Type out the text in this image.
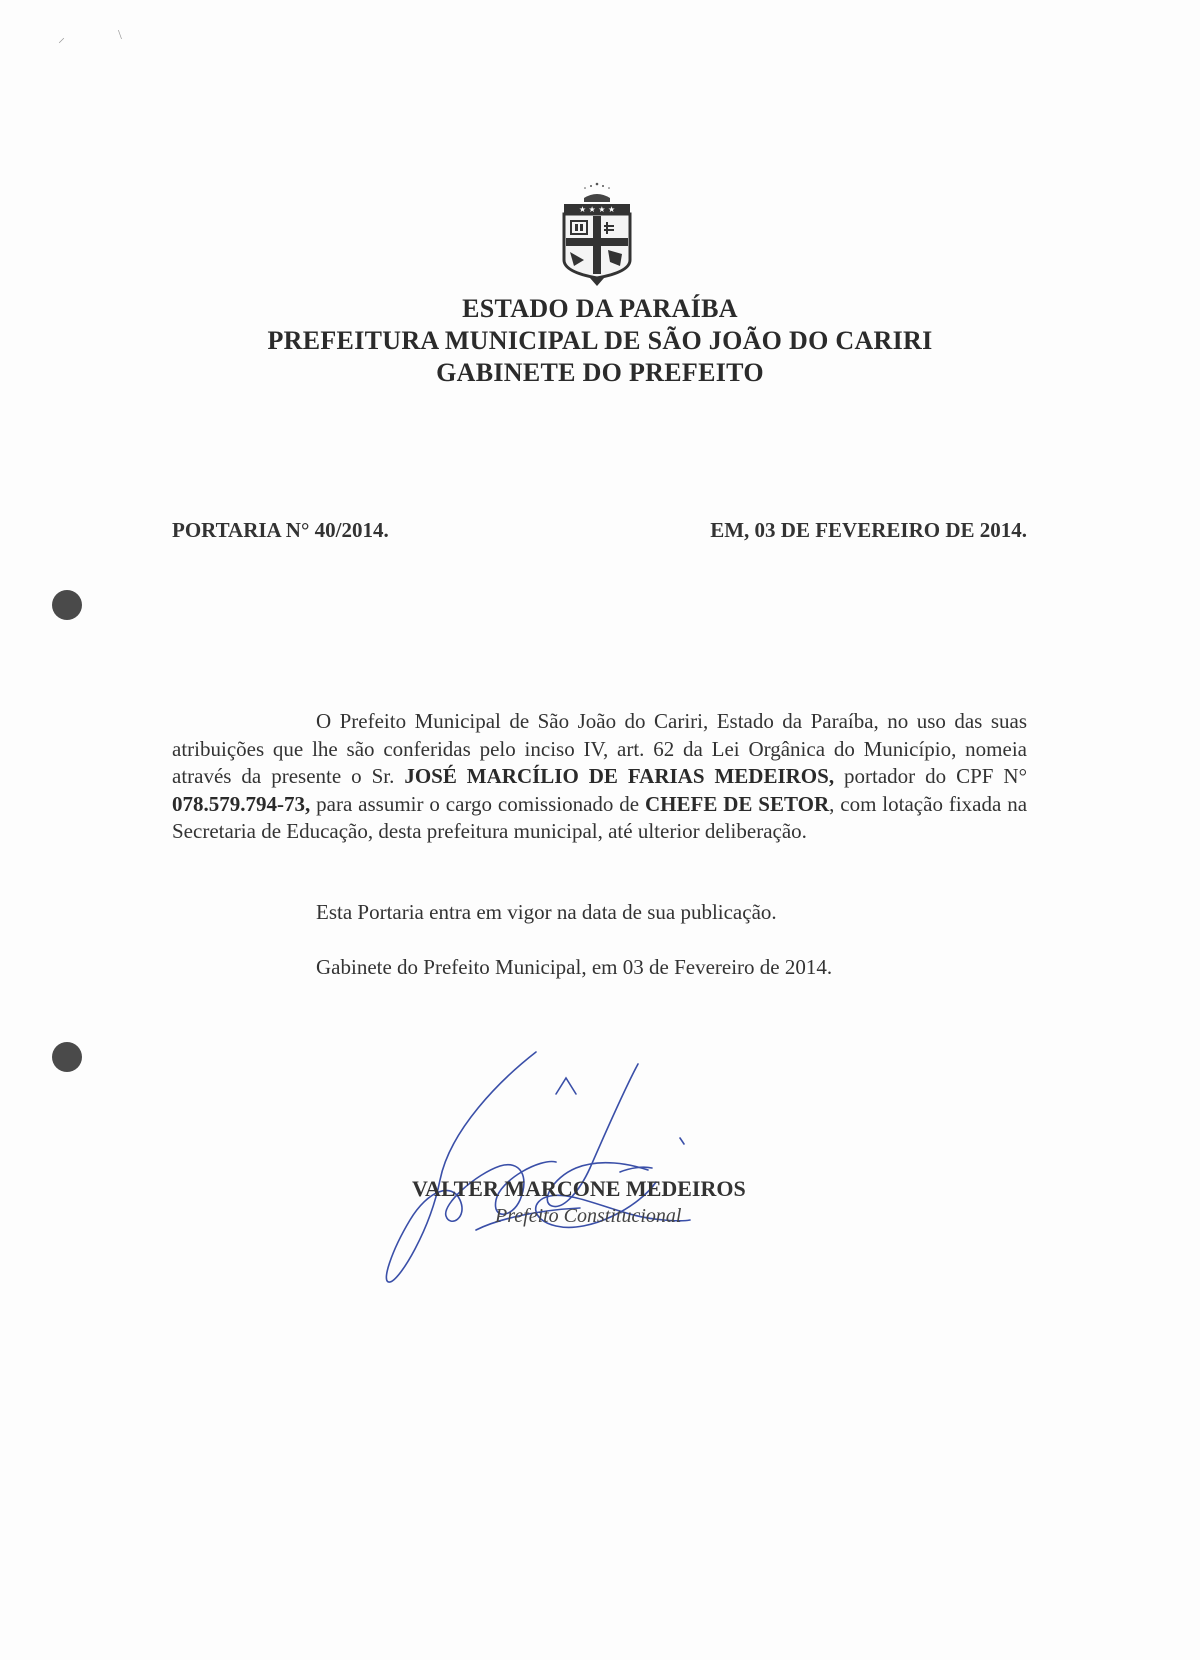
⸝	\
★ ★ ★ ★
ESTADO DA PARAÍBA
PREFEITURA MUNICIPAL DE SÃO JOÃO DO CARIRI
GABINETE DO PREFEITO
PORTARIA N° 40/2014.	EM, 03 DE FEVEREIRO DE 2014.
O Prefeito Municipal de São João do Cariri, Estado da Paraíba, no uso das suas atribuições que lhe são conferidas pelo inciso IV, art. 62 da Lei Orgânica do Município, nomeia através da presente o Sr. JOSÉ MARCÍLIO DE FARIAS MEDEIROS, portador do CPF N° 078.579.794-73, para assumir o cargo comissionado de CHEFE DE SETOR, com lotação fixada na Secretaria de Educação, desta prefeitura municipal, até ulterior deliberação.
Esta Portaria entra em vigor na data de sua publicação.
Gabinete do Prefeito Municipal, em 03 de Fevereiro de 2014.
VALTER MARCONE MEDEIROS
Prefeito Constitucional
